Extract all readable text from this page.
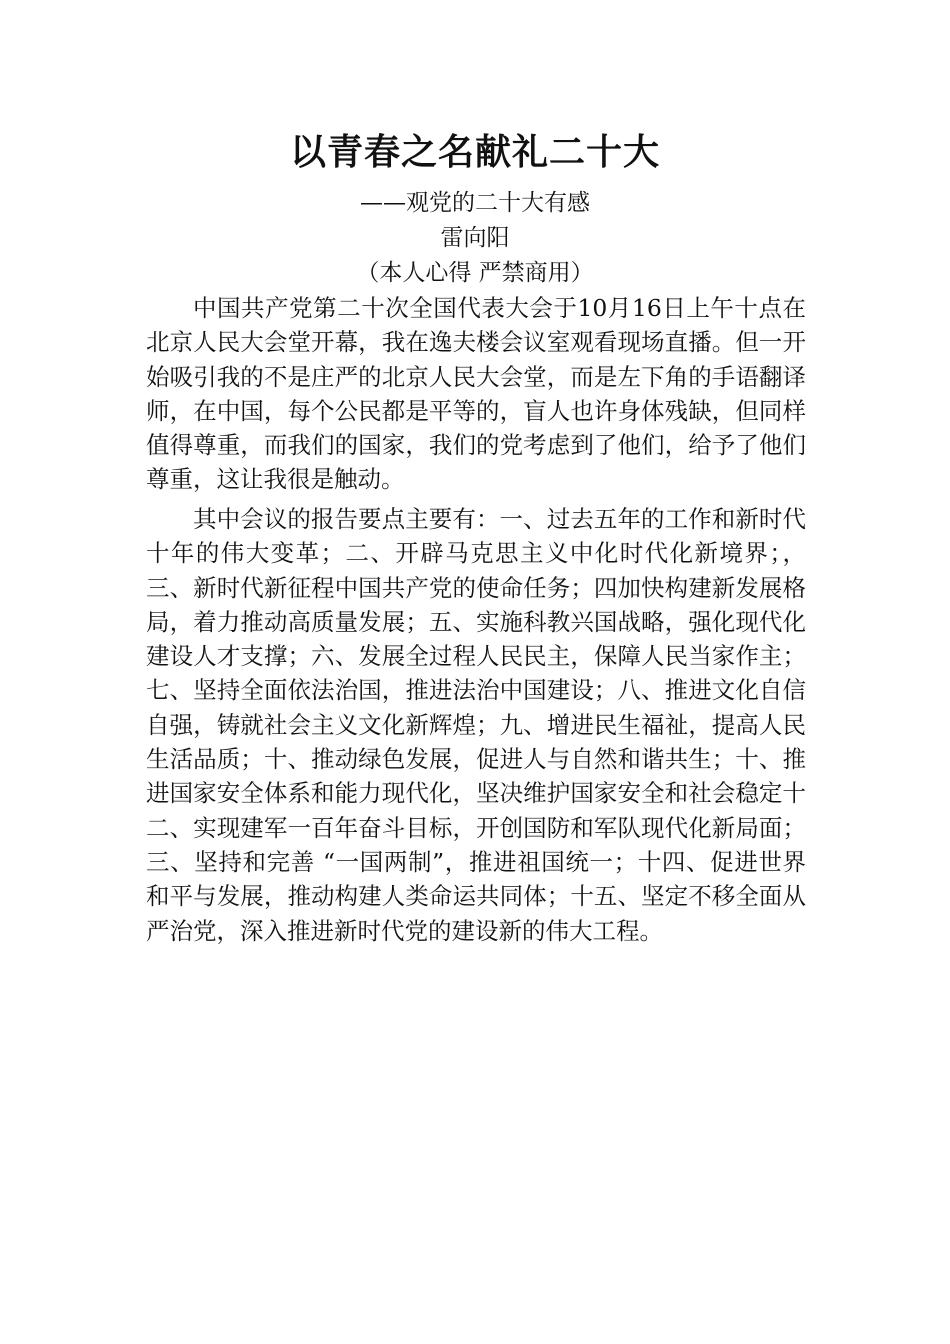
以青春之名献礼二十大
——观党的二十大有感
雷向阳
（本人心得 严禁商用）

中国共产党第二十次全国代表大会于10月16日上午十点在北京人民大会堂开幕，我在逸夫楼会议室观看现场直播。但一开始吸引我的不是庄严的北京人民大会堂，而是左下角的手语翻译师，在中国，每个公民都是平等的，盲人也许身体残缺，但同样值得尊重，而我们的国家，我们的党考虑到了他们，给予了他们尊重，这让我很是触动。

其中会议的报告要点主要有：一、过去五年的工作和新时代十年的伟大变革；二、开辟马克思主义中化时代化新境界；，三、新时代新征程中国共产党的使命任务；四加快构建新发展格局，着力推动高质量发展；五、实施科教兴国战略，强化现代化建设人才支撑；六、发展全过程人民民主，保障人民当家作主；七、坚持全面依法治国，推进法治中国建设；八、推进文化自信自强，铸就社会主义文化新辉煌；九、增进民生福祉，提高人民生活品质；十、推动绿色发展，促进人与自然和谐共生；十、推进国家安全体系和能力现代化，坚决维护国家安全和社会稳定十二、实现建军一百年奋斗目标，开创国防和军队现代化新局面；三、坚持和完善 “一国两制”，推进祖国统一；十四、促进世界和平与发展，推动构建人类命运共同体；十五、坚定不移全面从严治党，深入推进新时代党的建设新的伟大工程。
